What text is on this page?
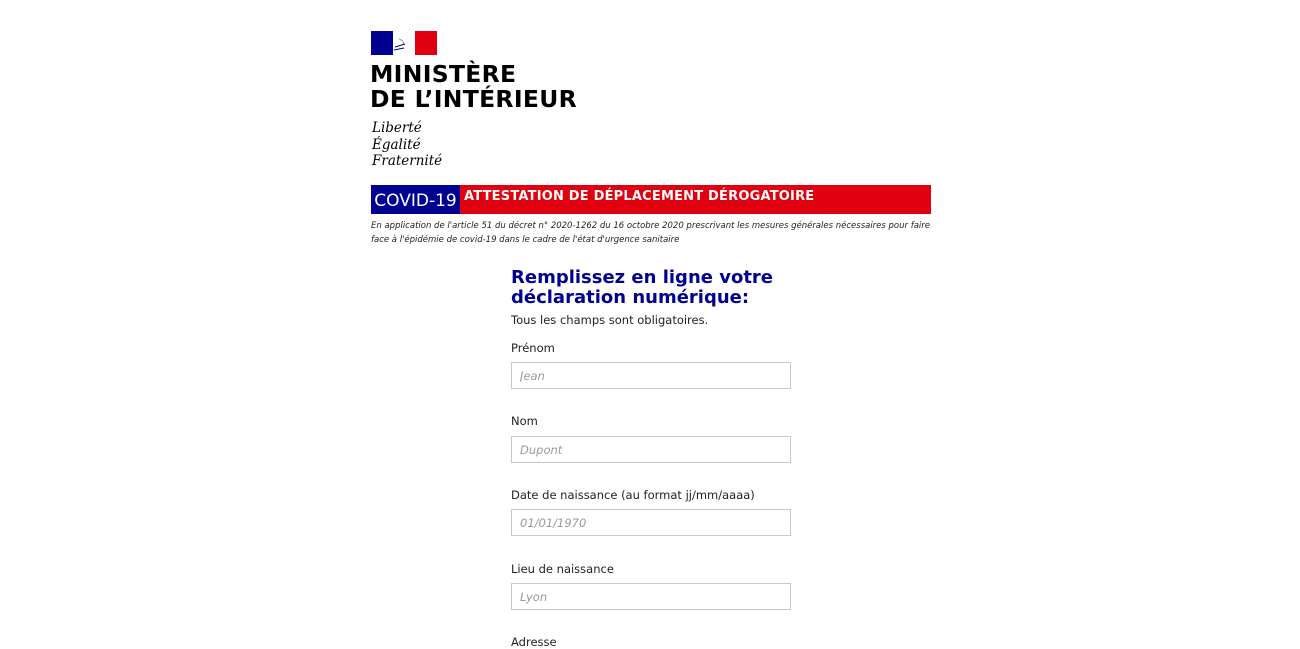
MINISTÈRE
DE L’INTÉRIEUR
Liberté
Égalité
Fraternité
COVID-19 ATTESTATION DE DÉPLACEMENT DÉROGATOIRE
En application de l'article 51 du décret n° 2020-1262 du 16 octobre 2020 prescrivant les mesures générales nécessaires pour faire face à l'épidémie de covid-19 dans le cadre de l'état d'urgence sanitaire
Remplissez en ligne votre déclaration numérique:
Tous les champs sont obligatoires.
Prénom
Jean
Nom
Dupont
Date de naissance (au format jj/mm/aaaa)
01/01/1970
Lieu de naissance
Lyon
Adresse
